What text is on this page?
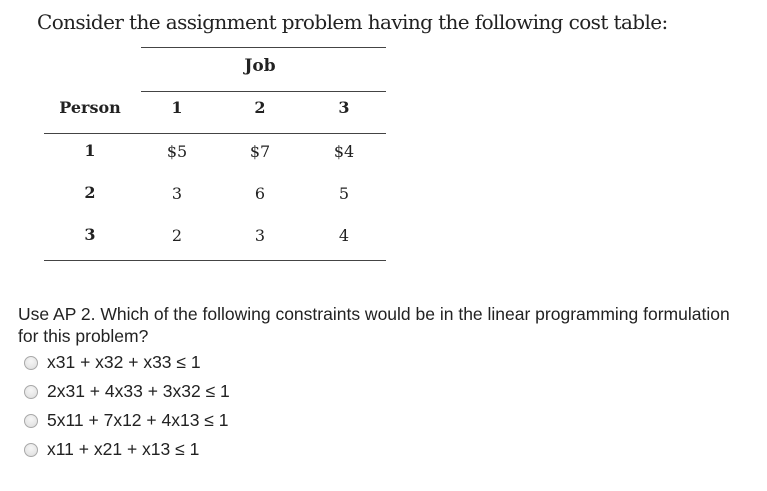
Consider the assignment problem having the following cost table:
Job
Person	1	2	3
1	$5	$7	$4
2	3	6	5
3	2	3	4
Use AP 2. Which of the following constraints would be in the linear programming formulation for this problem?
x31 + x32 + x33 ≤ 1
2x31 + 4x33 + 3x32 ≤ 1
5x11 + 7x12 + 4x13 ≤ 1
x11 + x21 + x13 ≤ 1
